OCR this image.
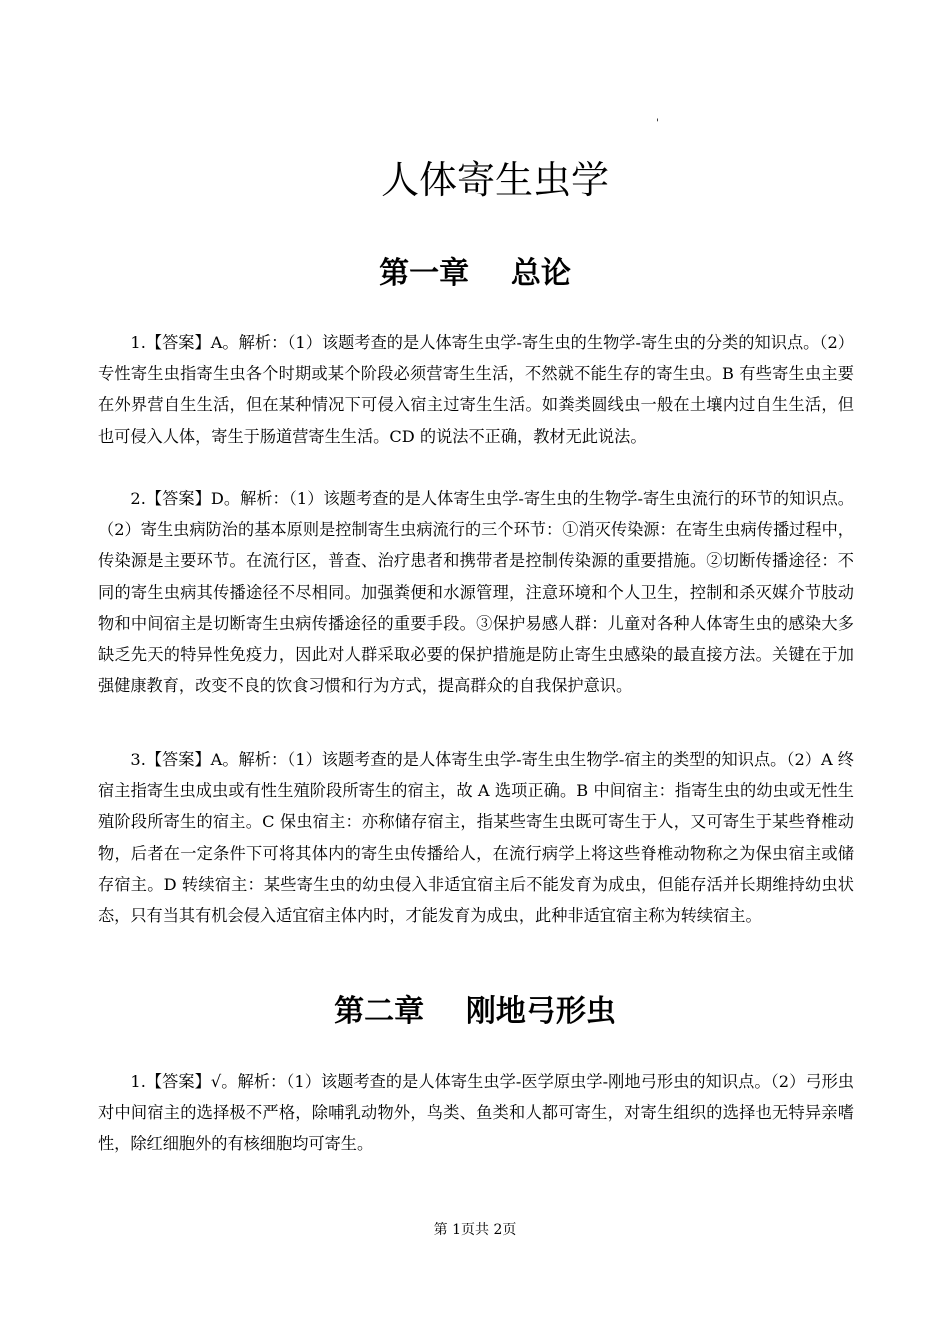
'
人体寄生虫学
第一章    总论

1.【答案】A。解析：（1）该题考查的是人体寄生虫学-寄生虫的生物学-寄生虫的分类的知识点。（2）专性寄生虫指寄生虫各个时期或某个阶段必须营寄生生活，不然就不能生存的寄生虫。B 有些寄生虫主要在外界营自生生活，但在某种情况下可侵入宿主过寄生生活。如粪类圆线虫一般在土壤内过自生生活，但也可侵入人体，寄生于肠道营寄生生活。CD 的说法不正确，教材无此说法。

2.【答案】D。解析：（1）该题考查的是人体寄生虫学-寄生虫的生物学-寄生虫流行的环节的知识点。（2）寄生虫病防治的基本原则是控制寄生虫病流行的三个环节：①消灭传染源：在寄生虫病传播过程中，传染源是主要环节。在流行区，普查、治疗患者和携带者是控制传染源的重要措施。②切断传播途径：不同的寄生虫病其传播途径不尽相同。加强粪便和水源管理，注意环境和个人卫生，控制和杀灭媒介节肢动物和中间宿主是切断寄生虫病传播途径的重要手段。③保护易感人群：儿童对各种人体寄生虫的感染大多缺乏先天的特异性免疫力，因此对人群采取必要的保护措施是防止寄生虫感染的最直接方法。关键在于加强健康教育，改变不良的饮食习惯和行为方式，提高群众的自我保护意识。

3.【答案】A。解析：（1）该题考查的是人体寄生虫学-寄生虫生物学-宿主的类型的知识点。（2）A 终宿主指寄生虫成虫或有性生殖阶段所寄生的宿主，故 A 选项正确。B 中间宿主：指寄生虫的幼虫或无性生殖阶段所寄生的宿主。C 保虫宿主：亦称储存宿主，指某些寄生虫既可寄生于人，又可寄生于某些脊椎动物，后者在一定条件下可将其体内的寄生虫传播给人，在流行病学上将这些脊椎动物称之为保虫宿主或储存宿主。D 转续宿主：某些寄生虫的幼虫侵入非适宜宿主后不能发育为成虫，但能存活并长期维持幼虫状态，只有当其有机会侵入适宜宿主体内时，才能发育为成虫，此种非适宜宿主称为转续宿主。

第二章    刚地弓形虫

1.【答案】√。解析：（1）该题考查的是人体寄生虫学-医学原虫学-刚地弓形虫的知识点。（2）弓形虫对中间宿主的选择极不严格，除哺乳动物外，鸟类、鱼类和人都可寄生，对寄生组织的选择也无特异亲嗜性，除红细胞外的有核细胞均可寄生。

第 1页共 2页
